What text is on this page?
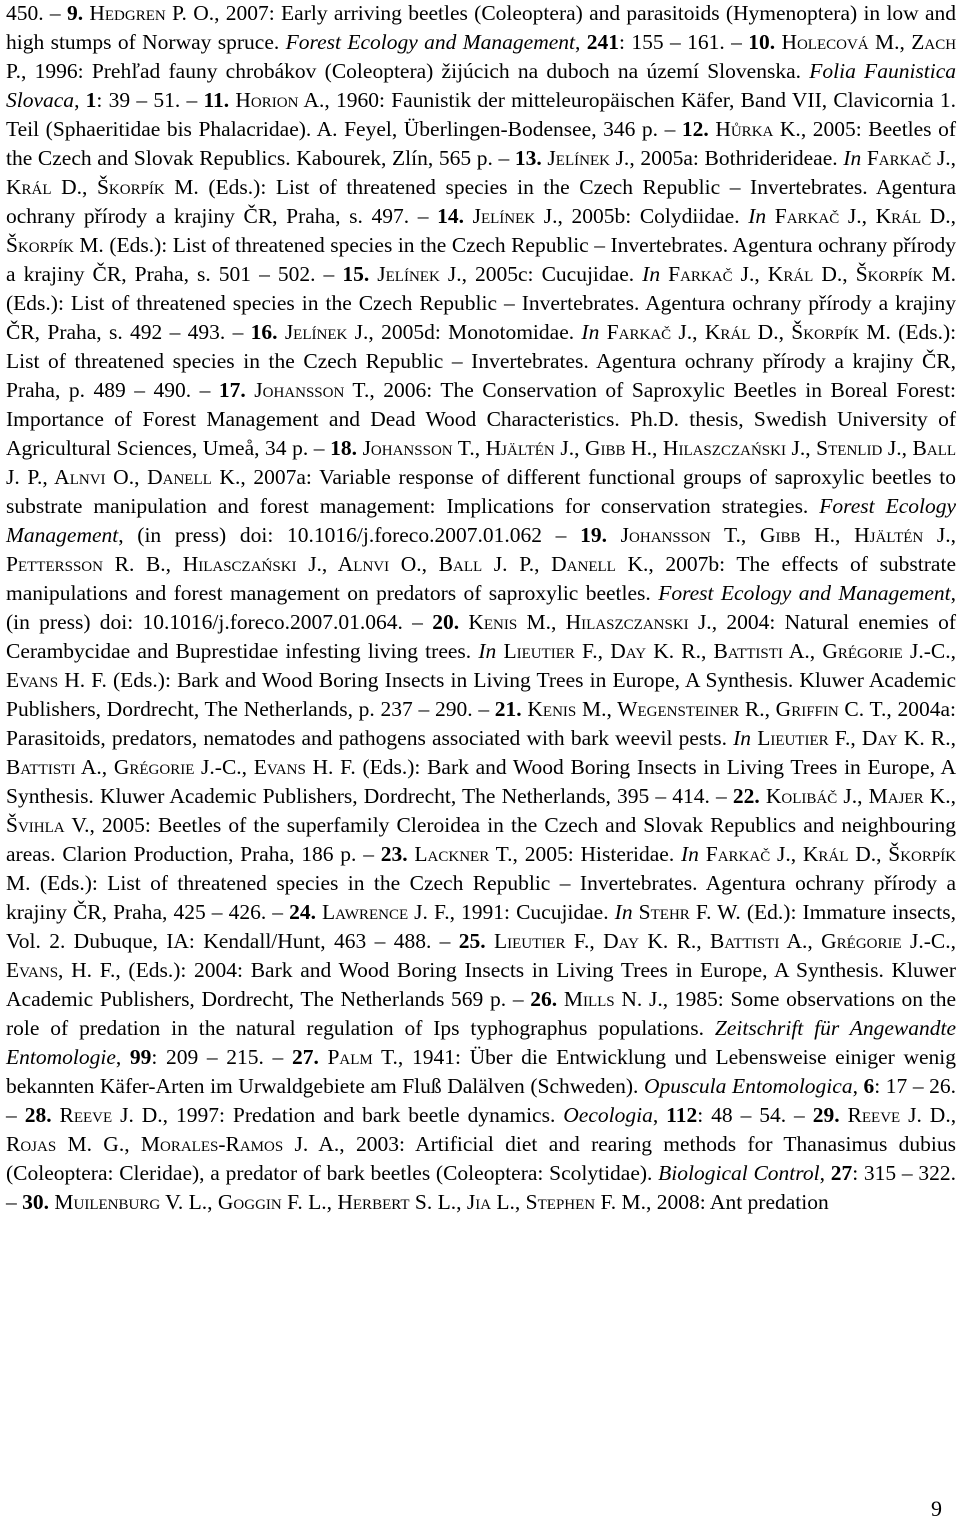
450. – 9. Hedgren P. O., 2007: Early arriving beetles (Coleoptera) and parasitoids (Hymenoptera) in low and high stumps of Norway spruce. Forest Ecology and Management, 241: 155 – 161. – 10. Holecová M., Zach P., 1996: Prehľad fauny chrobákov (Coleoptera) žijúcich na duboch na území Slovenska. Folia Faunistica Slovaca, 1: 39 – 51. – 11. Horion A., 1960: Faunistik der mitteleuropäischen Käfer, Band VII, Clavicornia 1. Teil (Sphaeritidae bis Phalacridae). A. Feyel, Überlingen-Bodensee, 346 p. – 12. Hůrka K., 2005: Beetles of the Czech and Slovak Republics. Kabourek, Zlín, 565 p. – 13. Jelínek J., 2005a: Bothriderideae. In Farkač J., Král D., Škorpík M. (Eds.): List of threatened species in the Czech Republic – Invertebrates. Agentura ochrany přírody a krajiny ČR, Praha, s. 497. – 14. Jelínek J., 2005b: Colydiidae. In Farkač J., Král D., Škorpík M. (Eds.): List of threatened species in the Czech Republic – Invertebrates. Agentura ochrany přírody a krajiny ČR, Praha, s. 501 – 502. – 15. Jelínek J., 2005c: Cucujidae. In Farkač J., Král D., Škorpík M. (Eds.): List of threatened species in the Czech Republic – Invertebrates. Agentura ochrany přírody a krajiny ČR, Praha, s. 492 – 493. – 16. Jelínek J., 2005d: Monotomidae. In Farkač J., Král D., Škorpík M. (Eds.): List of threatened species in the Czech Republic – Invertebrates. Agentura ochrany přírody a krajiny ČR, Praha, p. 489 – 490. – 17. Johansson T., 2006: The Conservation of Saproxylic Beetles in Boreal Forest: Importance of Forest Management and Dead Wood Characteristics. Ph.D. thesis, Swedish University of Agricultural Sciences, Umeå, 34 p. – 18. Johansson T., Hjältén J., Gibb H., Hilaszczański J., Stenlid J., Ball J. P., Alnvi O., Danell K., 2007a: Variable response of different functional groups of saproxylic beetles to substrate manipulation and forest management: Implications for conservation strategies. Forest Ecology Management, (in press) doi: 10.1016/j.foreco.2007.01.062 – 19. Johansson T., Gibb H., Hjältén J., Pettersson R. B., Hilasczański J., Alnvi O., Ball J. P., Danell K., 2007b: The effects of substrate manipulations and forest management on predators of saproxylic beetles. Forest Ecology and Management, (in press) doi: 10.1016/j.foreco.2007.01.064. – 20. Kenis M., Hilaszczanski J., 2004: Natural enemies of Cerambycidae and Buprestidae infesting living trees. In Lieutier F., Day K. R., Battisti A., Grégorie J.-C., Evans H. F. (Eds.): Bark and Wood Boring Insects in Living Trees in Europe, A Synthesis. Kluwer Academic Publishers, Dordrecht, The Netherlands, p. 237 – 290. – 21. Kenis M., Wegensteiner R., Griffin C. T., 2004a: Parasitoids, predators, nematodes and pathogens associated with bark weevil pests. In Lieutier F., Day K. R., Battisti A., Grégorie J.-C., Evans H. F. (Eds.): Bark and Wood Boring Insects in Living Trees in Europe, A Synthesis. Kluwer Academic Publishers, Dordrecht, The Netherlands, 395 – 414. – 22. Kolibáč J., Majer K., Švihla V., 2005: Beetles of the superfamily Cleroidea in the Czech and Slovak Republics and neighbouring areas. Clarion Production, Praha, 186 p. – 23. Lackner T., 2005: Histeridae. In Farkač J., Král D., Škorpík M. (Eds.): List of threatened species in the Czech Republic – Invertebrates. Agentura ochrany přírody a krajiny ČR, Praha, 425 – 426. – 24. Lawrence J. F., 1991: Cucujidae. In Stehr F. W. (Ed.): Immature insects, Vol. 2. Dubuque, IA: Kendall/Hunt, 463 – 488. – 25. Lieutier F., Day K. R., Battisti A., Grégorie J.-C., Evans, H. F., (Eds.): 2004: Bark and Wood Boring Insects in Living Trees in Europe, A Synthesis. Kluwer Academic Publishers, Dordrecht, The Netherlands 569 p. – 26. Mills N. J., 1985: Some observations on the role of predation in the natural regulation of Ips typhographus populations. Zeitschrift für Angewandte Entomologie, 99: 209 – 215. – 27. Palm T., 1941: Über die Entwicklung und Lebensweise einiger wenig bekannten Käfer-Arten im Urwaldgebiete am Fluß Dalälven (Schweden). Opuscula Entomologica, 6: 17 – 26. – 28. Reeve J. D., 1997: Predation and bark beetle dynamics. Oecologia, 112: 48 – 54. – 29. Reeve J. D., Rojas M. G., Morales-Ramos J. A., 2003: Artificial diet and rearing methods for Thanasimus dubius (Coleoptera: Cleridae), a predator of bark beetles (Coleoptera: Scolytidae). Biological Control, 27: 315 – 322. – 30. Muilenburg V. L., Goggin F. L., Herbert S. L., Jia L., Stephen F. M., 2008: Ant predation

9
